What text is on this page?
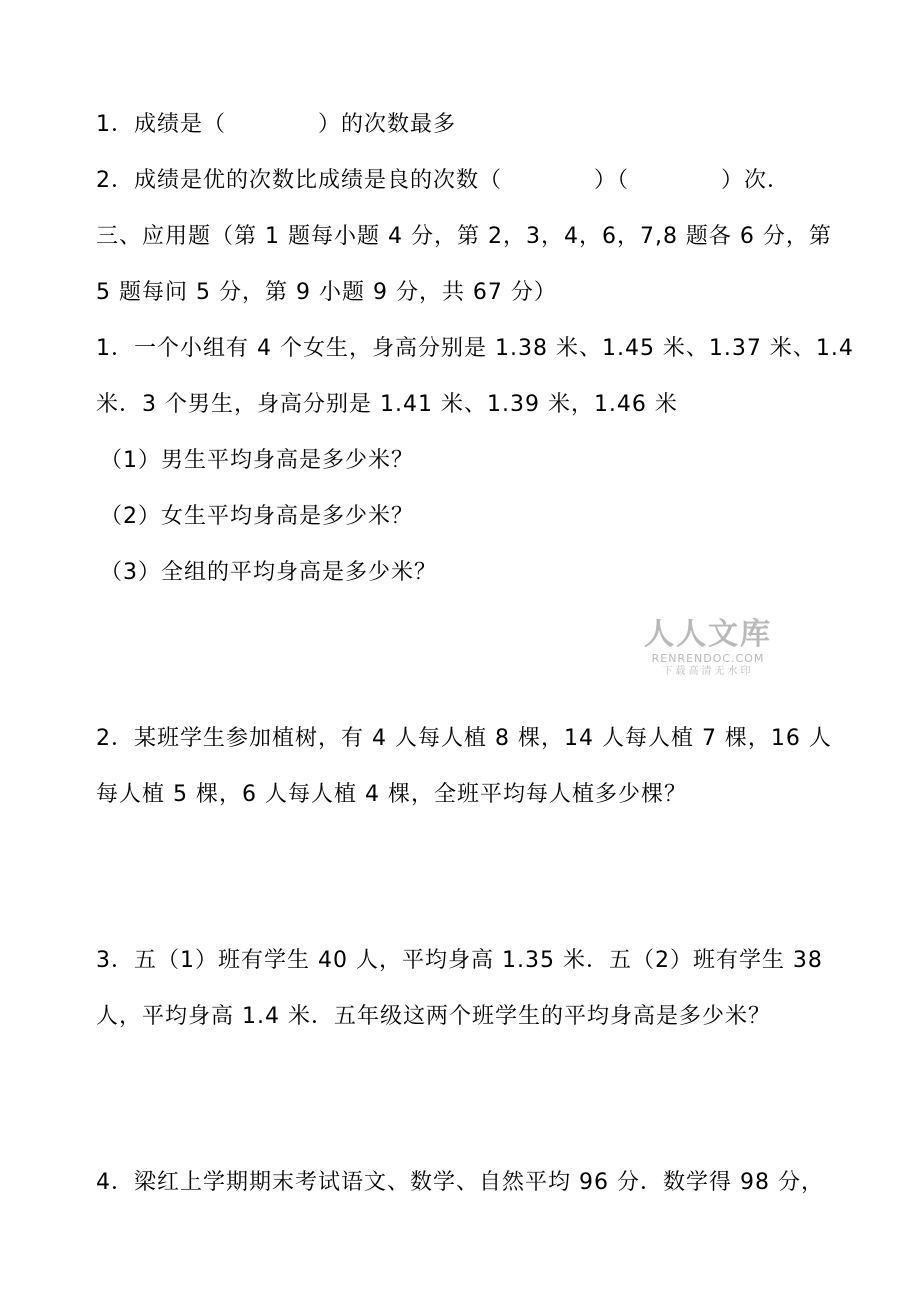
1．成绩是（　　　　）的次数最多
2．成绩是优的次数比成绩是良的次数（　　　　）（　　　　）次．
三、应用题（第 1 题每小题 4 分，第 2，3，4，6，7,8 题各 6 分，第
5 题每问 5 分，第 9 小题 9 分，共 67 分）
1．一个小组有 4 个女生，身高分别是 1.38 米、1.45 米、1.37 米、1.4
米．3 个男生，身高分别是 1.41 米、1.39 米，1.46 米
（1）男生平均身高是多少米？
（2）女生平均身高是多少米？
（3）全组的平均身高是多少米？
人人文库
RENRENDOC.COM
下载高清无水印
2．某班学生参加植树，有 4 人每人植 8 棵，14 人每人植 7 棵，16 人
每人植 5 棵，6 人每人植 4 棵，全班平均每人植多少棵？
3．五（1）班有学生 40 人，平均身高 1.35 米．五（2）班有学生 38
人，平均身高 1.4 米．五年级这两个班学生的平均身高是多少米？
4．梁红上学期期末考试语文、数学、自然平均 96 分．数学得 98 分，
